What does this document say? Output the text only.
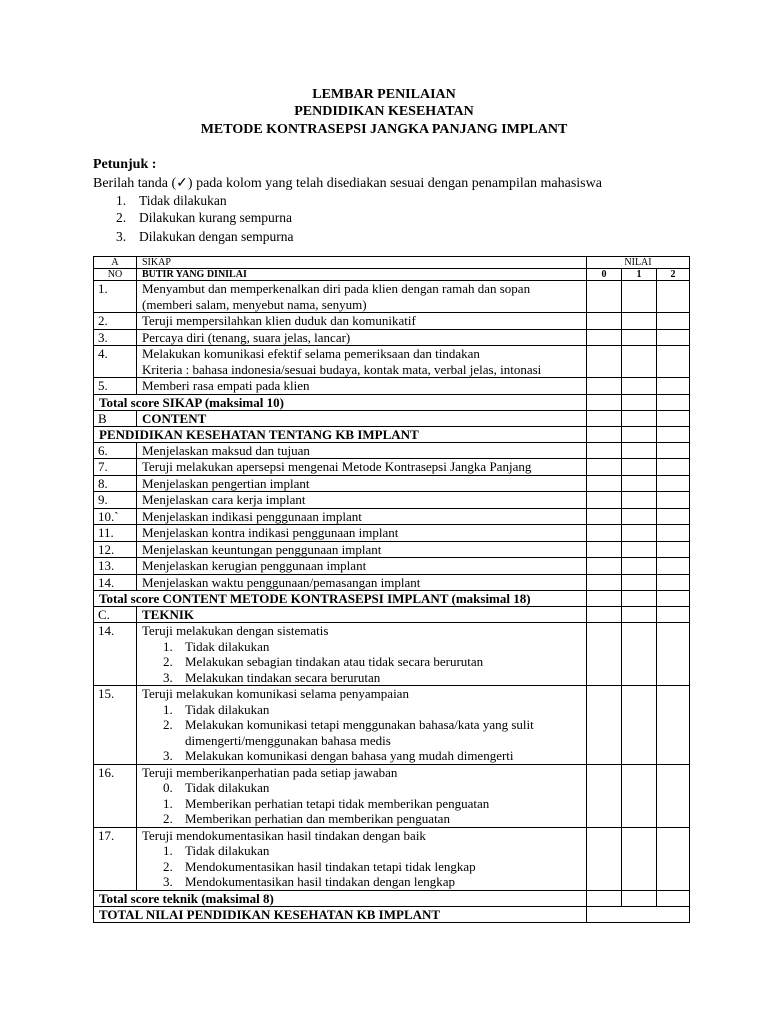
LEMBAR PENILAIAN
PENDIDIKAN KESEHATAN
METODE KONTRASEPSI JANGKA PANJANG IMPLANT
Petunjuk :
Berilah tanda (✓) pada kolom yang telah disediakan sesuai dengan penampilan mahasiswa
1. Tidak dilakukan
2. Dilakukan kurang sempurna
3. Dilakukan dengan sempurna
A	SIKAP	NILAI		
NO	BUTIR YANG DINILAI	0	1	2
1.	Menyambut dan memperkenalkan diri pada klien dengan ramah dan sopan
(memberi salam, menyebut nama, senyum)			

2.	Teruji mempersilahkan klien duduk dan komunikatif			
3.	Percaya diri (tenang, suara jelas, lancar)			
4.	Melakukan komunikasi efektif selama pemeriksaan dan tindakan
Kriteria : bahasa indonesia/sesuai budaya, kontak mata, verbal jelas, intonasi			

5.	Memberi rasa empati pada klien			
Total score SIKAP (maksimal 10)				
B	CONTENT			
PENDIDIKAN KESEHATAN TENTANG KB IMPLANT				
6.	Menjelaskan maksud dan tujuan			
7.	Teruji melakukan apersepsi mengenai Metode Kontrasepsi Jangka Panjang			
8.	Menjelaskan pengertian implant			
9.	Menjelaskan cara kerja implant			
10.`	Menjelaskan indikasi penggunaan implant			
11.	Menjelaskan kontra indikasi penggunaan implant			
12.	Menjelaskan keuntungan penggunaan implant			
13.	Menjelaskan kerugian penggunaan implant			
14.	Menjelaskan waktu penggunaan/pemasangan implant			
Total score CONTENT METODE KONTRASEPSI IMPLANT (maksimal 18)				
C.	TEKNIK			
14.	Teruji melakukan dengan sistematis
1. Tidak dilakukan
2. Melakukan sebagian tindakan atau tidak secara berurutan
3. Melakukan tindakan secara berurutan			

15.	Teruji melakukan komunikasi selama penyampaian
1. Tidak dilakukan
2. Melakukan komunikasi tetapi menggunakan bahasa/kata yang sulit
dimengerti/menggunakan bahasa medis
3. Melakukan komunikasi dengan bahasa yang mudah dimengerti			

16.	Teruji memberikanperhatian pada setiap jawaban
0. Tidak dilakukan
1. Memberikan perhatian tetapi tidak memberikan penguatan
2. Memberikan perhatian dan memberikan penguatan			

17.	Teruji mendokumentasikan hasil tindakan dengan baik
1. Tidak dilakukan
2. Mendokumentasikan hasil tindakan tetapi tidak lengkap
3. Mendokumentasikan hasil tindakan dengan lengkap			

Total score teknik (maksimal 8)				
TOTAL NILAI PENDIDIKAN KESEHATAN KB IMPLANT				
